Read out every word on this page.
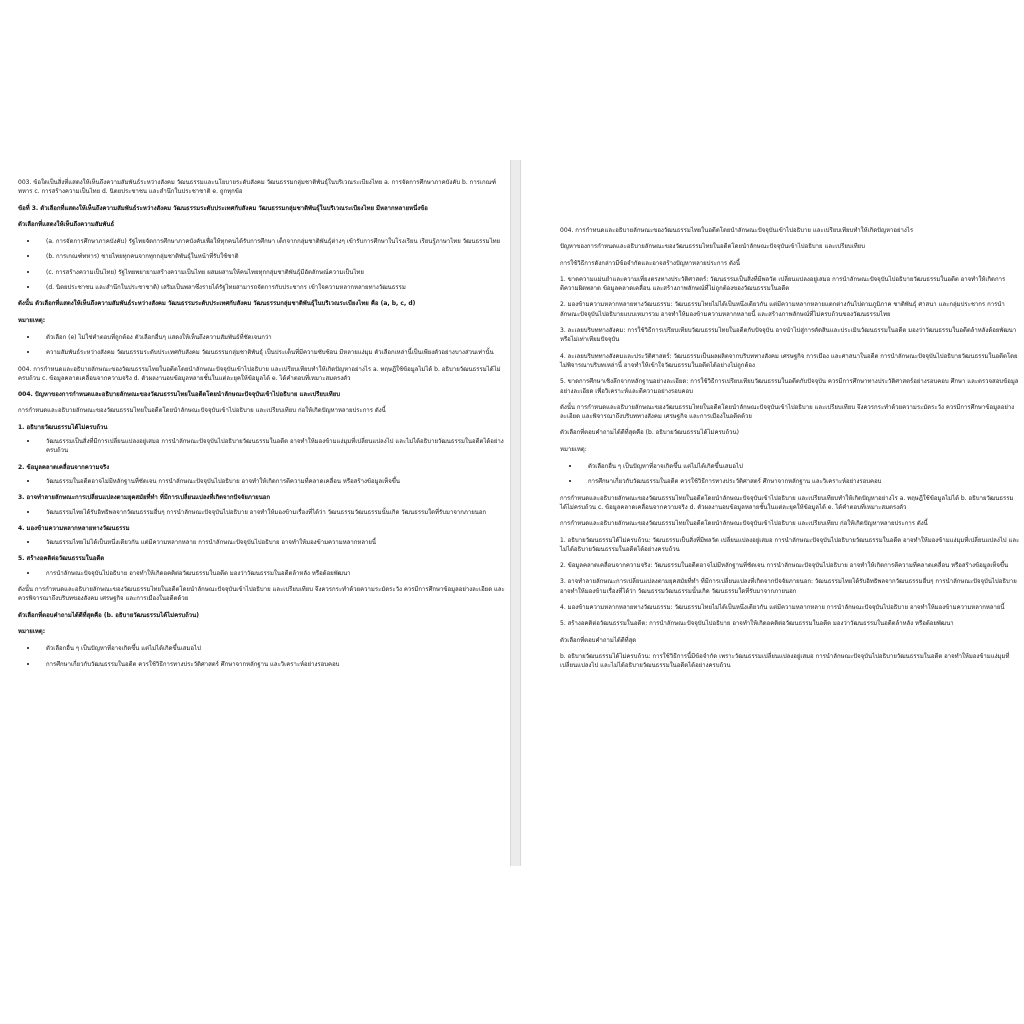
003. ข้อใดเป็นสิ่งที่แสดงให้เห็นถึงความสัมพันธ์ระหว่างสังคม วัฒนธรรมและนโยบายระดับสังคม วัฒนธรรมกลุ่มชาติพันธุ์ในบริเวณระเบียงไทย a. การจัดการศึกษาภาคบังคับ b. การเกณฑ์ทหาร c. การสร้างความเป็นไทย d. นิตยประชาชน และสำนึกในประชาชาติ e. ถูกทุกข้อ
ข้อที่ 3. ตัวเลือกที่แสดงให้เห็นถึงความสัมพันธ์ระหว่างสังคม วัฒนธรรมระดับประเทศกับสังคม วัฒนธรรมกลุ่มชาติพันธุ์ในบริเวณระเบียงไทย มีหลากหลายหนึ่งข้อ
ตัวเลือกที่แสดงให้เห็นถึงความสัมพันธ์
• (a. การจัดการศึกษาภาคบังคับ) รัฐไทยจัดการศึกษาภาคบังคับเพื่อให้ทุกคนได้รับการศึกษา เด็กจากกลุ่มชาติพันธุ์ต่างๆ เข้ารับการศึกษาในโรงเรียน เรียนรู้ภาษาไทย วัฒนธรรมไทย
• (b. การเกณฑ์ทหาร) ชายไทยทุกคนจากทุกกลุ่มชาติพันธุ์ในหน้าที่รับใช้ชาติ
• (c. การสร้างความเป็นไทย) รัฐไทยพยายามสร้างความเป็นไทย ผสมผสานให้คนไทยทุกกลุ่มชาติพันธุ์มีอัตลักษณ์ความเป็นไทย
• (d. นิตยประชาชน และสำนึกในประชาชาติ) เสริมเป็นพลาซึ่งรายได้รัฐไทยสามารถจัดการกับประชากร เข้าใจความหลากหลายทางวัฒนธรรม
ดังนั้น ตัวเลือกที่แสดงให้เห็นถึงความสัมพันธ์ระหว่างสังคม วัฒนธรรมระดับประเทศกับสังคม วัฒนธรรมกลุ่มชาติพันธุ์ในบริเวณระเบียงไทย คือ (a, b, c, d)
หมายเหตุ:
• ตัวเลือก (e) ไม่ใช่คำตอบที่ถูกต้อง ตัวเลือกอื่นๆ แสดงให้เห็นถึงความสัมพันธ์ที่ชัดเจนกว่า
• ความสัมพันธ์ระหว่างสังคม วัฒนธรรมระดับประเทศกับสังคม วัฒนธรรมกลุ่มชาติพันธุ์ เป็นประเด็นที่มีความซับซ้อน มีหลายแง่มุม ตัวเลือกเหล่านี้เป็นเพียงตัวอย่างบางส่วนเท่านั้น
004. การกำหนดและอธิบายลักษณะของวัฒนธรรมไทยในอดีตโดยนำลักษณะปัจจุบันเข้าไปอธิบาย และเปรียบเทียบทำให้เกิดปัญหาอย่างไร a. ทฤษฎีใช้ข้อมูลไม่ได้ b. อธิบายวัฒนธรรมได้ไม่ครบถ้วน c. ข้อมูลคลาดเคลื่อนจากความจริง d. ตัวผลงานอบข้อมูลหลายชั้นในแต่ละยุคให้ข้อมูลได้ e. ได้คำตอบที่เหมาะสมตรงตัว
004. ปัญหาของการกำหนดและอธิบายลักษณะของวัฒนธรรมไทยในอดีตโดยนำลักษณะปัจจุบันเข้าไปอธิบาย และเปรียบเทียบ
การกำหนดและอธิบายลักษณะของวัฒนธรรมไทยในอดีตโดยนำลักษณะปัจจุบันเข้าไปอธิบาย และเปรียบเทียบ ก่อให้เกิดปัญหาหลายประการ ดังนี้
1. อธิบายวัฒนธรรมได้ไม่ครบถ้วน
• วัฒนธรรมเป็นสิ่งที่มีการเปลี่ยนแปลงอยู่เสมอ การนำลักษณะปัจจุบันไปอธิบายวัฒนธรรมในอดีต อาจทำให้มองข้ามแง่มุมที่เปลี่ยนแปลงไป และไม่ได้อธิบายวัฒนธรรมในอดีตได้อย่างครบถ้วน
2. ข้อมูลคลาดเคลื่อนจากความจริง
• วัฒนธรรมในอดีตอาจไม่มีหลักฐานที่ชัดเจน การนำลักษณะปัจจุบันไปอธิบาย อาจทำให้เกิดการตีความที่คลาดเคลื่อน หรือสร้างข้อมูลเท็จขึ้น
3. อาจทำลายลักษณะการเปลี่ยนแปลงตามยุคสมัยที่ทำ ที่มีการเปลี่ยนแปลงที่เกิดจากปัจจัยภายนอก
• วัฒนธรรมไทยได้รับอิทธิพลจากวัฒนธรรมอื่นๆ การนำลักษณะปัจจุบันไปอธิบาย อาจทำให้มองข้ามเรื่องที่ได้ว่า วัฒนธรรมวัฒนธรรมนั้นเกิด วัฒนธรรมใดที่รับมาจากภายนอก
4. มองข้ามความหลากหลายทางวัฒนธรรม
• วัฒนธรรมไทยไม่ได้เป็นหนึ่งเดียวกัน แต่มีความหลากหลาย การนำลักษณะปัจจุบันไปอธิบาย อาจทำให้มองข้ามความหลากหลายนี้
5. สร้างอคติต่อวัฒนธรรมในอดีต
• การนำลักษณะปัจจุบันไปอธิบาย อาจทำให้เกิดอคติต่อวัฒนธรรมในอดีต มองว่าวัฒนธรรมในอดีตล้าหลัง หรือด้อยพัฒนา
ดังนั้น การกำหนดและอธิบายลักษณะของวัฒนธรรมไทยในอดีตโดยนำลักษณะปัจจุบันเข้าไปอธิบาย และเปรียบเทียบ จึงควรกระทำด้วยความระมัดระวัง ควรมีการศึกษาข้อมูลอย่างละเอียด และควรพิจารณาถึงบริบทของสังคม เศรษฐกิจ และการเมืองในอดีตด้วย
ตัวเลือกที่ตอบคำถามได้ดีที่สุดคือ (b. อธิบายวัฒนธรรมได้ไม่ครบถ้วน)
หมายเหตุ:
• ตัวเลือกอื่น ๆ เป็นปัญหาที่อาจเกิดขึ้น แต่ไม่ได้เกิดขึ้นเสมอไป
• การศึกษาเกี่ยวกับวัฒนธรรมในอดีต ควรใช้วิธีการทางประวัติศาสตร์ ศึกษาจากหลักฐาน และวิเคราะห์อย่างรอบคอบ
004. การกำหนดและอธิบายลักษณะของวัฒนธรรมไทยในอดีตโดยนำลักษณะปัจจุบันเข้าไปอธิบาย และเปรียบเทียบทำให้เกิดปัญหาอย่างไร
ปัญหาของการกำหนดและอธิบายลักษณะของวัฒนธรรมไทยในอดีตโดยนำลักษณะปัจจุบันเข้าไปอธิบาย และเปรียบเทียบ
การใช้วิธีการดังกล่าวมีข้อจำกัดและอาจสร้างปัญหาหลายประการ ดังนี้
1. ขาดความแม่นยำและความเที่ยงตรงทางประวัติศาสตร์: วัฒนธรรมเป็นสิ่งที่มีพลวัต เปลี่ยนแปลงอยู่เสมอ การนำลักษณะปัจจุบันไปอธิบายวัฒนธรรมในอดีต อาจทำให้เกิดการตีความผิดพลาด ข้อมูลคลาดเคลื่อน และสร้างภาพลักษณ์ที่ไม่ถูกต้องของวัฒนธรรมในอดีต
2. มองข้ามความหลากหลายทางวัฒนธรรม: วัฒนธรรมไทยไม่ได้เป็นหนึ่งเดียวกัน แต่มีความหลากหลายแตกต่างกันไปตามภูมิภาค ชาติพันธุ์ ศาสนา และกลุ่มประชากร การนำลักษณะปัจจุบันไปอธิบายแบบเหมารวม อาจทำให้มองข้ามความหลากหลายนี้ และสร้างภาพลักษณ์ที่ไม่ครบถ้วนของวัฒนธรรมไทย
3. ละเลยบริบททางสังคม: การใช้วิธีการเปรียบเทียบวัฒนธรรมไทยในอดีตกับปัจจุบัน อาจนำไปสู่การตัดสินและประเมินวัฒนธรรมในอดีต มองว่าวัฒนธรรมในอดีตล้าหลังด้อยพัฒนา หรือไม่เท่าเทียมปัจจุบัน
4. ละเลยบริบททางสังคมและประวัติศาสตร์: วัฒนธรรมเป็นผลผลิตจากบริบททางสังคม เศรษฐกิจ การเมือง และศาสนาในอดีต การนำลักษณะปัจจุบันไปอธิบายวัฒนธรรมในอดีตโดยไม่พิจารณาบริบทเหล่านี้ อาจทำให้เข้าใจวัฒนธรรมในอดีตได้อย่างไม่ถูกต้อง
5. ขาดการศึกษาเชิงลึกจากหลักฐานอย่างละเอียด: การใช้วิธีการเปรียบเทียบวัฒนธรรมในอดีตกับปัจจุบัน ควรมีการศึกษาทางประวัติศาสตร์อย่างรอบคอบ ศึกษา และตรวจสอบข้อมูลอย่างละเอียด เพื่อวิเคราะห์และตีความอย่างรอบคอบ
ดังนั้น การกำหนดและอธิบายลักษณะของวัฒนธรรมไทยในอดีตโดยนำลักษณะปัจจุบันเข้าไปอธิบาย และเปรียบเทียบ จึงควรกระทำด้วยความระมัดระวัง ควรมีการศึกษาข้อมูลอย่างละเอียด และพิจารณาถึงบริบททางสังคม เศรษฐกิจ และการเมืองในอดีตด้วย
ตัวเลือกที่ตอบคำถามได้ดีที่สุดคือ (b. อธิบายวัฒนธรรมได้ไม่ครบถ้วน)
หมายเหตุ:
• ตัวเลือกอื่น ๆ เป็นปัญหาที่อาจเกิดขึ้น แต่ไม่ได้เกิดขึ้นเสมอไป
• การศึกษาเกี่ยวกับวัฒนธรรมในอดีต ควรใช้วิธีการทางประวัติศาสตร์ ศึกษาจากหลักฐาน และวิเคราะห์อย่างรอบคอบ
การกำหนดและอธิบายลักษณะของวัฒนธรรมไทยในอดีตโดยนำลักษณะปัจจุบันเข้าไปอธิบาย และเปรียบเทียบทำให้เกิดปัญหาอย่างไร a. ทฤษฎีใช้ข้อมูลไม่ได้ b. อธิบายวัฒนธรรมได้ไม่ครบถ้วน c. ข้อมูลคลาดเคลื่อนจากความจริง d. ตัวผลงานอบข้อมูลหลายชั้นในแต่ละยุคให้ข้อมูลได้ e. ได้คำตอบที่เหมาะสมตรงตัว
การกำหนดและอธิบายลักษณะของวัฒนธรรมไทยในอดีตโดยนำลักษณะปัจจุบันเข้าไปอธิบาย และเปรียบเทียบ ก่อให้เกิดปัญหาหลายประการ ดังนี้
1. อธิบายวัฒนธรรมได้ไม่ครบถ้วน: วัฒนธรรมเป็นสิ่งที่มีพลวัต เปลี่ยนแปลงอยู่เสมอ การนำลักษณะปัจจุบันไปอธิบายวัฒนธรรมในอดีต อาจทำให้มองข้ามแง่มุมที่เปลี่ยนแปลงไป และไม่ได้อธิบายวัฒนธรรมในอดีตได้อย่างครบถ้วน
2. ข้อมูลคลาดเคลื่อนจากความจริง: วัฒนธรรมในอดีตอาจไม่มีหลักฐานที่ชัดเจน การนำลักษณะปัจจุบันไปอธิบาย อาจทำให้เกิดการตีความที่คลาดเคลื่อน หรือสร้างข้อมูลเท็จขึ้น
3. อาจทำลายลักษณะการเปลี่ยนแปลงตามยุคสมัยที่ทำ ที่มีการเปลี่ยนแปลงที่เกิดจากปัจจัยภายนอก: วัฒนธรรมไทยได้รับอิทธิพลจากวัฒนธรรมอื่นๆ การนำลักษณะปัจจุบันไปอธิบาย อาจทำให้มองข้ามเรื่องที่ได้ว่า วัฒนธรรมวัฒนธรรมนั้นเกิด วัฒนธรรมใดที่รับมาจากภายนอก
4. มองข้ามความหลากหลายทางวัฒนธรรม: วัฒนธรรมไทยไม่ได้เป็นหนึ่งเดียวกัน แต่มีความหลากหลาย การนำลักษณะปัจจุบันไปอธิบาย อาจทำให้มองข้ามความหลากหลายนี้
5. สร้างอคติต่อวัฒนธรรมในอดีต: การนำลักษณะปัจจุบันไปอธิบาย อาจทำให้เกิดอคติต่อวัฒนธรรมในอดีต มองว่าวัฒนธรรมในอดีตล้าหลัง หรือด้อยพัฒนา
ตัวเลือกที่ตอบคำถามได้ดีที่สุด
b. อธิบายวัฒนธรรมได้ไม่ครบถ้วน: การใช้วิธีการนี้มีข้อจำกัด เพราะวัฒนธรรมเปลี่ยนแปลงอยู่เสมอ การนำลักษณะปัจจุบันไปอธิบายวัฒนธรรมในอดีต อาจทำให้มองข้ามแง่มุมที่เปลี่ยนแปลงไป และไม่ได้อธิบายวัฒนธรรมในอดีตได้อย่างครบถ้วน
